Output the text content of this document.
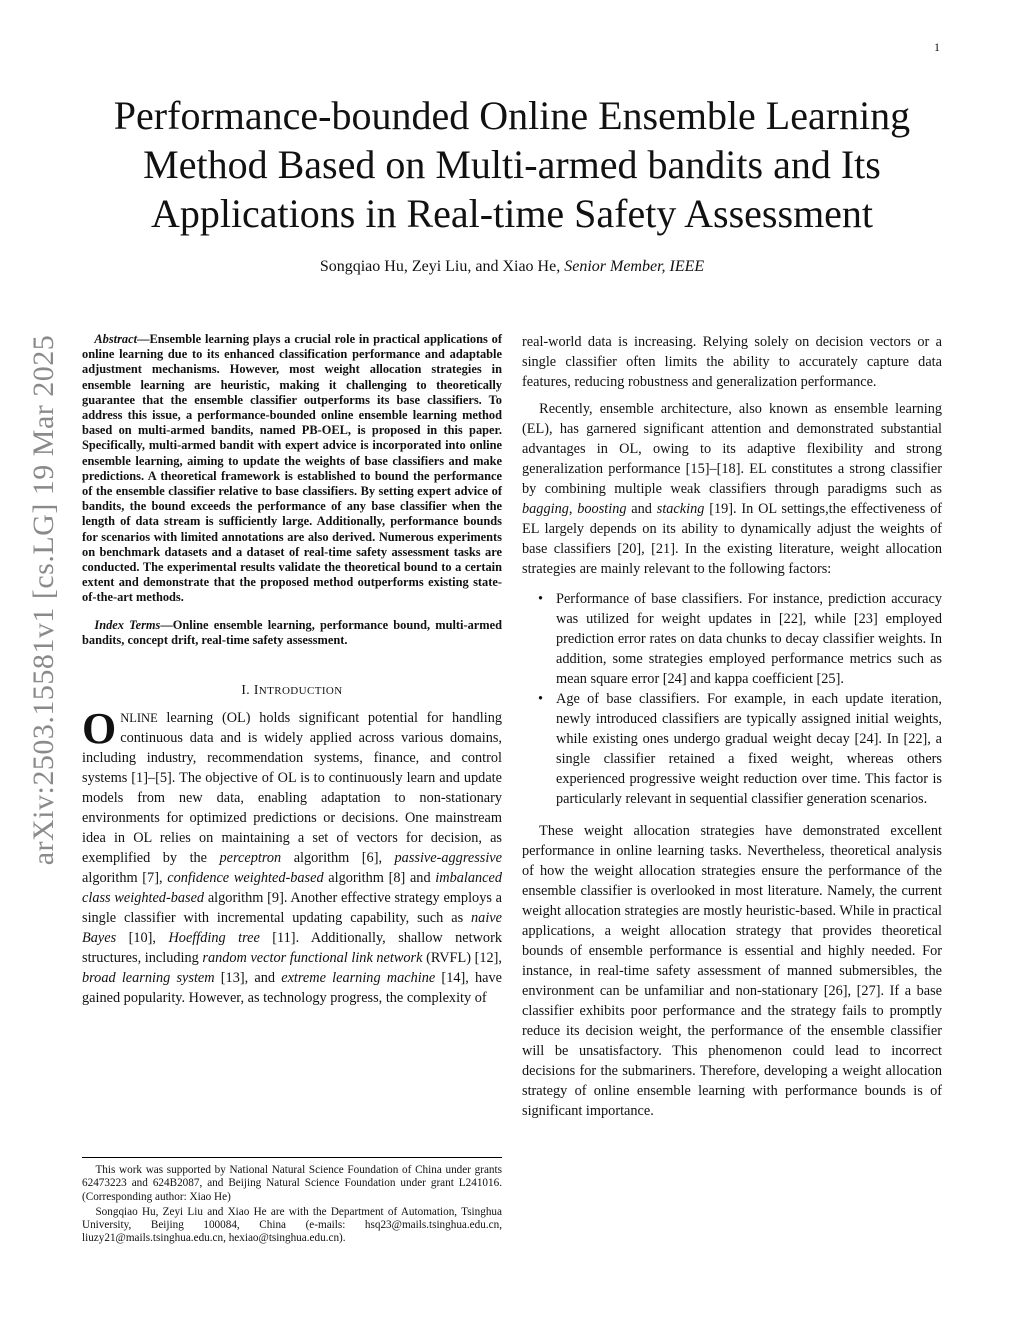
1
arXiv:2503.15581v1 [cs.LG] 19 Mar 2025
Performance-bounded Online Ensemble Learning
Method Based on Multi-armed bandits and Its
Applications in Real-time Safety Assessment
Songqiao Hu, Zeyi Liu, and Xiao He, Senior Member, IEEE

Abstract—Ensemble learning plays a crucial role in practical applications of online learning due to its enhanced classification performance and adaptable adjustment mechanisms. However, most weight allocation strategies in ensemble learning are heuristic, making it challenging to theoretically guarantee that the ensemble classifier outperforms its base classifiers. To address this issue, a performance-bounded online ensemble learning method based on multi-armed bandits, named PB-OEL, is proposed in this paper. Specifically, multi-armed bandit with expert advice is incorporated into online ensemble learning, aiming to update the weights of base classifiers and make predictions. A theoretical framework is established to bound the performance of the ensemble classifier relative to base classifiers. By setting expert advice of bandits, the bound exceeds the performance of any base classifier when the length of data stream is sufficiently large. Additionally, performance bounds for scenarios with limited annotations are also derived. Numerous experiments on benchmark datasets and a dataset of real-time safety assessment tasks are conducted. The experimental results validate the theoretical bound to a certain extent and demonstrate that the proposed method outperforms existing state-of-the-art methods.

Index Terms—Online ensemble learning, performance bound, multi-armed bandits, concept drift, real-time safety assessment.

I. INTRODUCTION

ONLINE learning (OL) holds significant potential for handling continuous data and is widely applied across various domains, including industry, recommendation systems, finance, and control systems [1]–[5]. The objective of OL is to continuously learn and update models from new data, enabling adaptation to non-stationary environments for optimized predictions or decisions. One mainstream idea in OL relies on maintaining a set of vectors for decision, as exemplified by the perceptron algorithm [6], passive-aggressive algorithm [7], confidence weighted-based algorithm [8] and imbalanced class weighted-based algorithm [9]. Another effective strategy employs a single classifier with incremental updating capability, such as naive Bayes [10], Hoeffding tree [11]. Additionally, shallow network structures, including random vector functional link network (RVFL) [12], broad learning system [13], and extreme learning machine [14], have gained popularity. However, as technology progress, the complexity of

This work was supported by National Natural Science Foundation of China under grants 62473223 and 624B2087, and Beijing Natural Science Foundation under grant L241016. (Corresponding author: Xiao He)

Songqiao Hu, Zeyi Liu and Xiao He are with the Department of Automation, Tsinghua University, Beijing 100084, China (e-mails: hsq23@mails.tsinghua.edu.cn, liuzy21@mails.tsinghua.edu.cn, hexiao@tsinghua.edu.cn).

real-world data is increasing. Relying solely on decision vectors or a single classifier often limits the ability to accurately capture data features, reducing robustness and generalization performance.

Recently, ensemble architecture, also known as ensemble learning (EL), has garnered significant attention and demonstrated substantial advantages in OL, owing to its adaptive flexibility and strong generalization performance [15]–[18]. EL constitutes a strong classifier by combining multiple weak classifiers through paradigms such as bagging, boosting and stacking [19]. In OL settings,the effectiveness of EL largely depends on its ability to dynamically adjust the weights of base classifiers [20], [21]. In the existing literature, weight allocation strategies are mainly relevant to the following factors:

• Performance of base classifiers. For instance, prediction accuracy was utilized for weight updates in [22], while [23] employed prediction error rates on data chunks to decay classifier weights. In addition, some strategies employed performance metrics such as mean square error [24] and kappa coefficient [25].
• Age of base classifiers. For example, in each update iteration, newly introduced classifiers are typically assigned initial weights, while existing ones undergo gradual weight decay [24]. In [22], a single classifier retained a fixed weight, whereas others experienced progressive weight reduction over time. This factor is particularly relevant in sequential classifier generation scenarios.

These weight allocation strategies have demonstrated excellent performance in online learning tasks. Nevertheless, theoretical analysis of how the weight allocation strategies ensure the performance of the ensemble classifier is overlooked in most literature. Namely, the current weight allocation strategies are mostly heuristic-based. While in practical applications, a weight allocation strategy that provides theoretical bounds of ensemble performance is essential and highly needed. For instance, in real-time safety assessment of manned submersibles, the environment can be unfamiliar and non-stationary [26], [27]. If a base classifier exhibits poor performance and the strategy fails to promptly reduce its decision weight, the performance of the ensemble classifier will be unsatisfactory. This phenomenon could lead to incorrect decisions for the submariners. Therefore, developing a weight allocation strategy of online ensemble learning with performance bounds is of significant importance.
